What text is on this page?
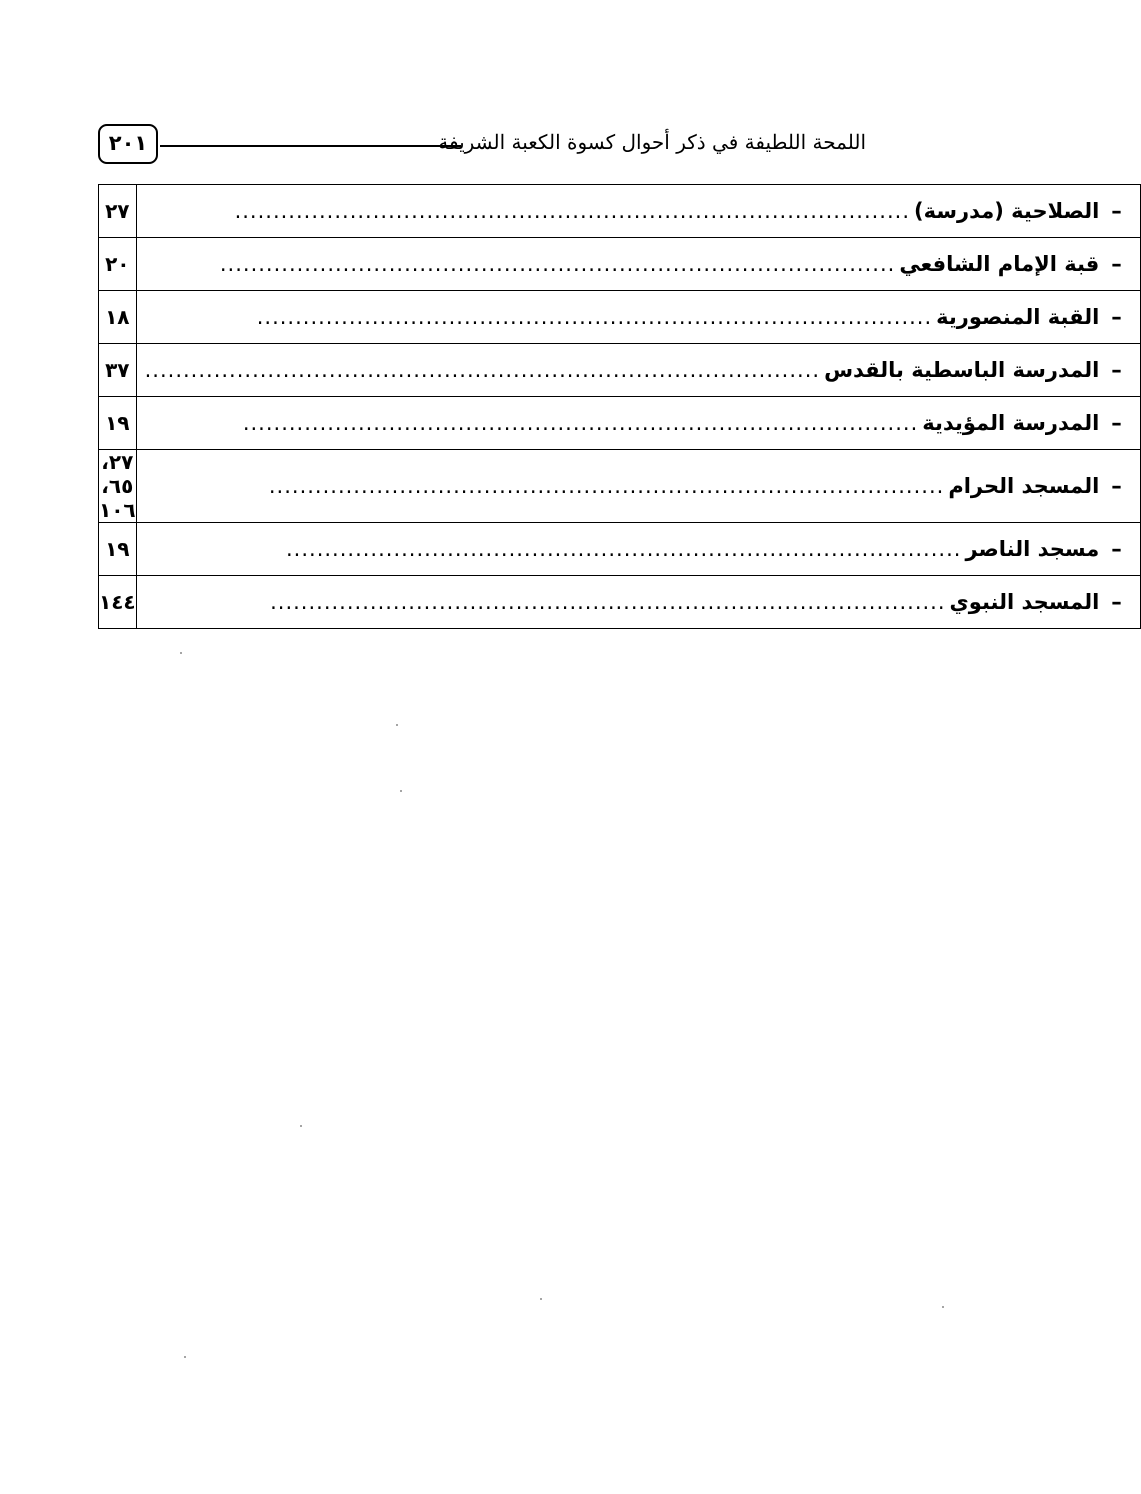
اللمحة اللطيفة في ذكر أحوال كسوة الكعبة الشريفة
٢٠١
–
الصلاحية (مدرسة)
........................................................................................	٢٧

–
قبة الإمام الشافعي
........................................................................................	٢٠

–
القبة المنصورية
........................................................................................	١٨

–
المدرسة الباسطية بالقدس
........................................................................................	٣٧

–
المدرسة المؤيدية
........................................................................................	١٩

–
المسجد الحرام
........................................................................................	٢٧، ٦٥، ١٠٦

–
مسجد الناصر
........................................................................................	١٩

–
المسجد النبوي
........................................................................................	١٤٤
